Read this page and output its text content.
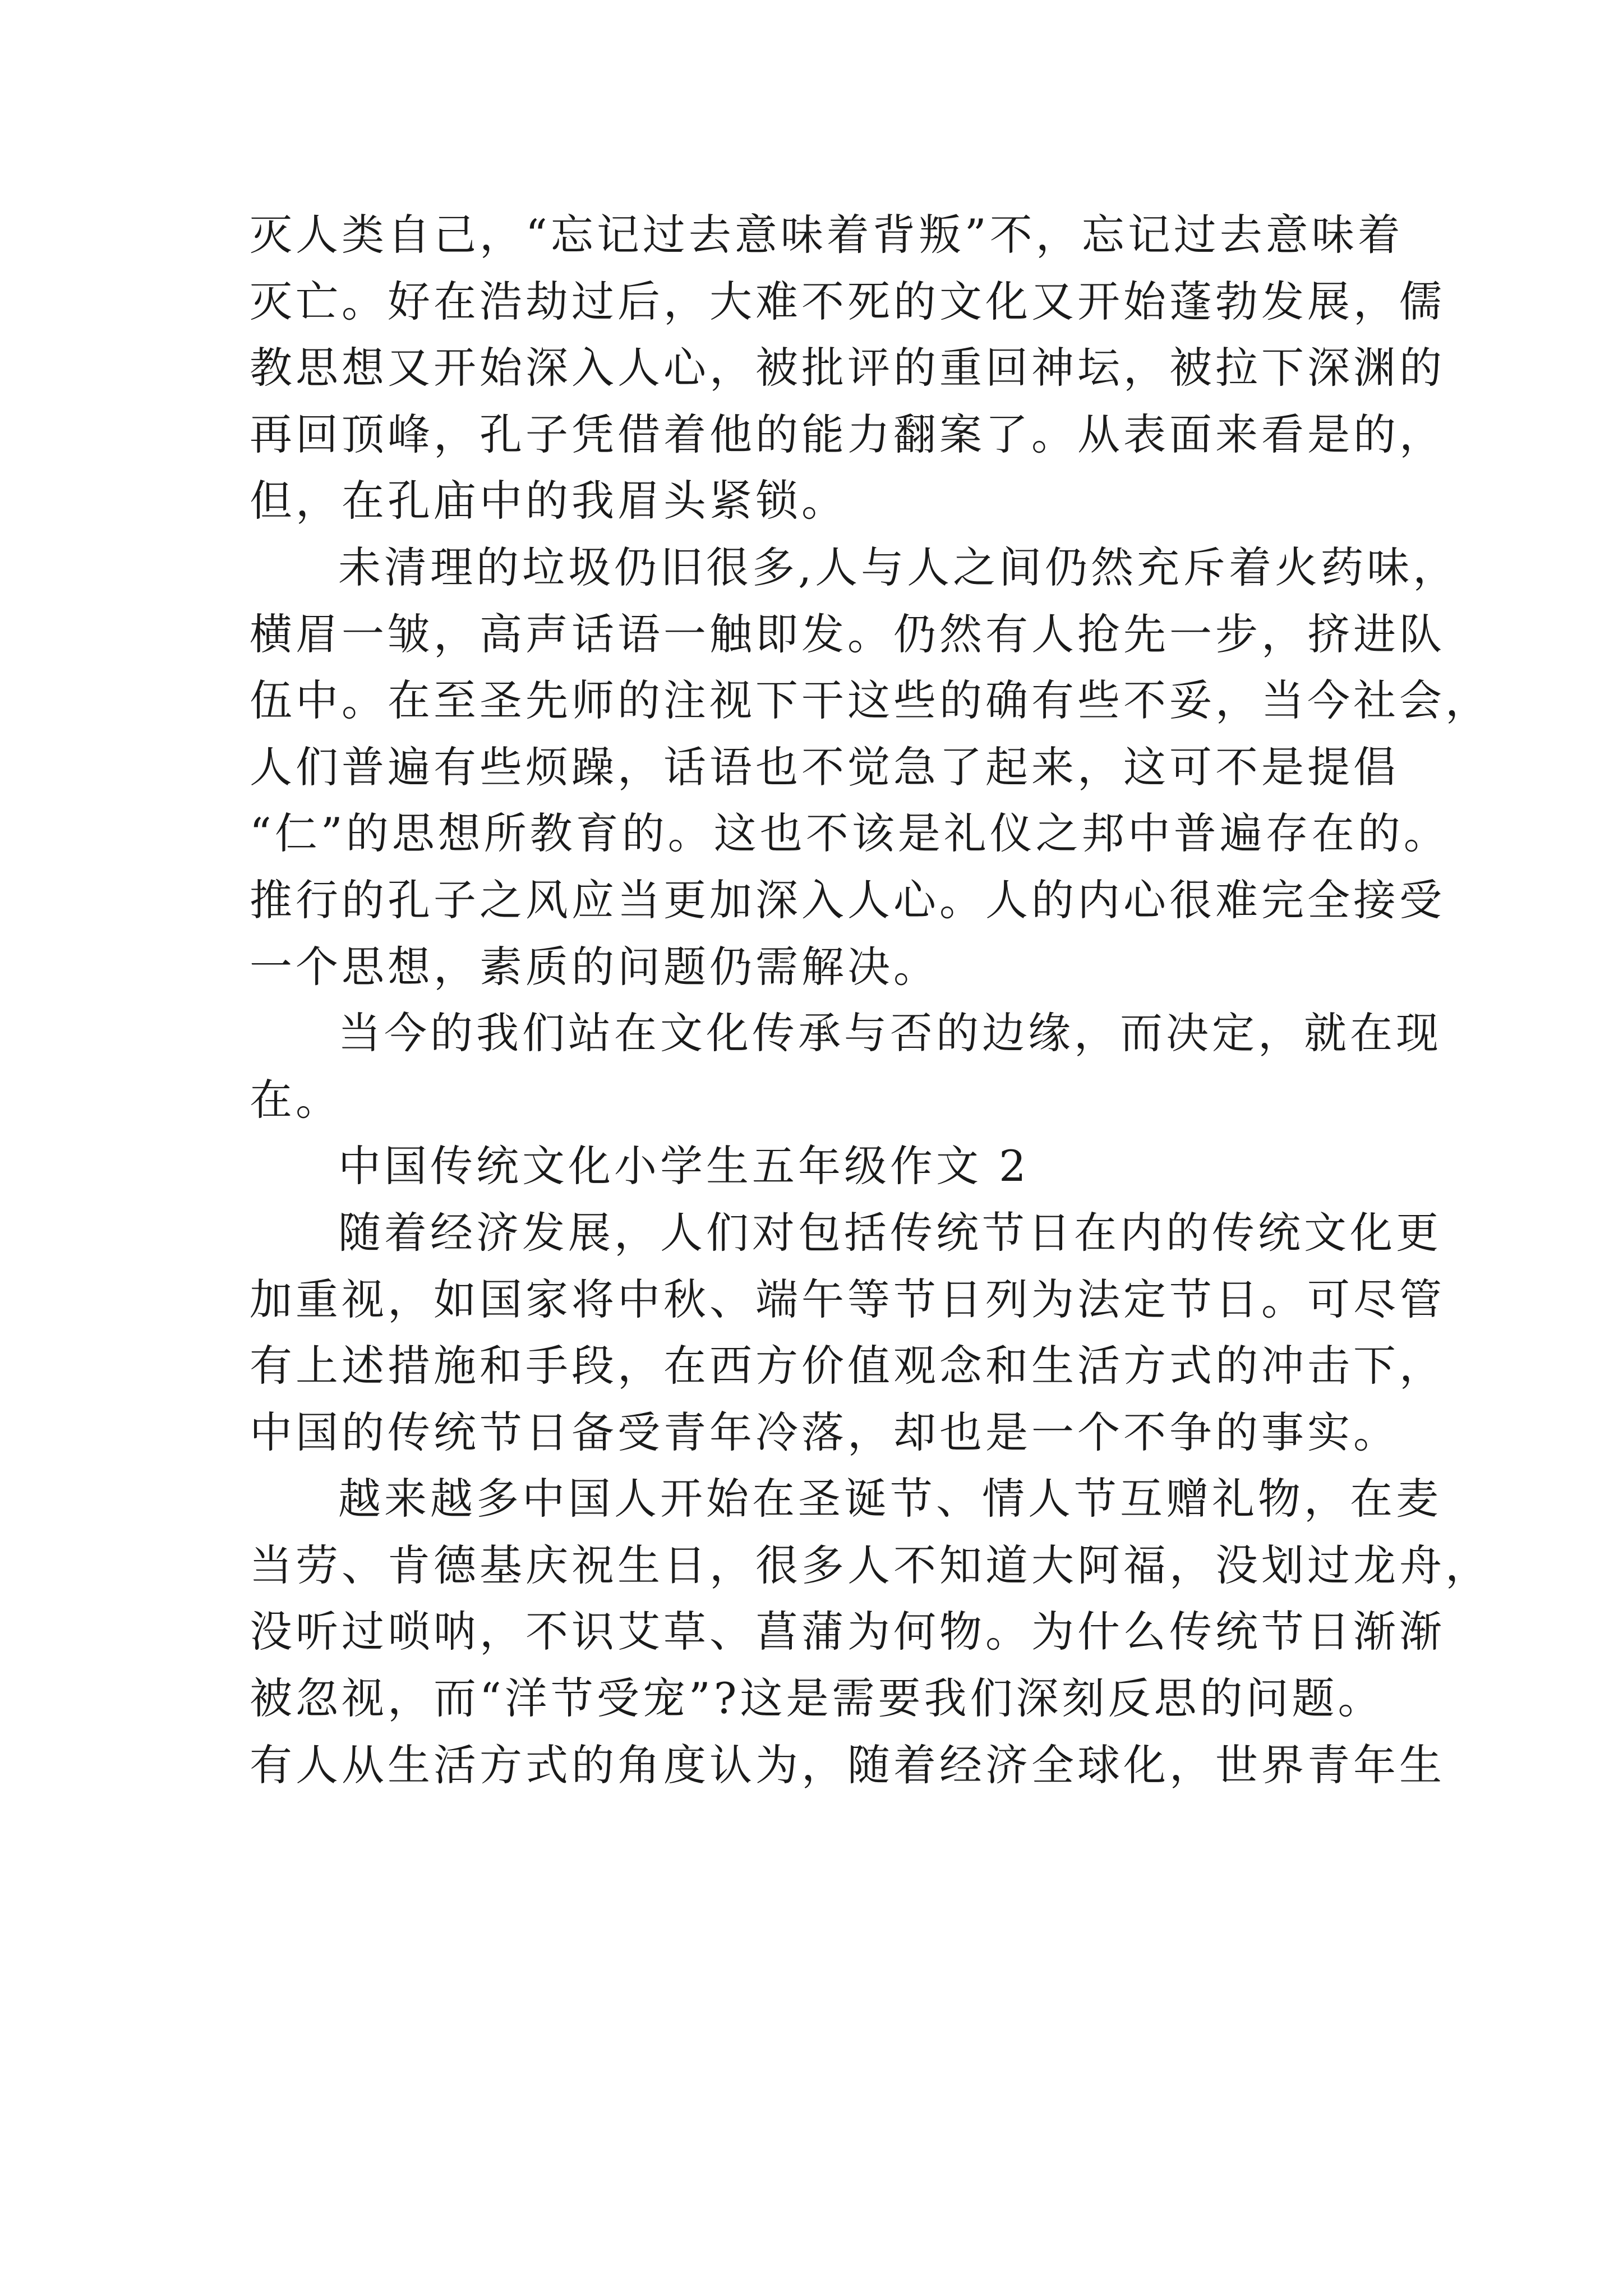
灭人类自己，“忘记过去意味着背叛”不，忘记过去意味着
灭亡。好在浩劫过后，大难不死的文化又开始蓬勃发展，儒
教思想又开始深入人心，被批评的重回神坛，被拉下深渊的
再回顶峰，孔子凭借着他的能力翻案了。从表面来看是的，
但，在孔庙中的我眉头紧锁。
未清理的垃圾仍旧很多,人与人之间仍然充斥着火药味，
横眉一皱，高声话语一触即发。仍然有人抢先一步，挤进队
伍中。在至圣先师的注视下干这些的确有些不妥，当今社会，
人们普遍有些烦躁，话语也不觉急了起来，这可不是提倡
“仁”的思想所教育的。这也不该是礼仪之邦中普遍存在的。
推行的孔子之风应当更加深入人心。人的内心很难完全接受
一个思想，素质的问题仍需解决。
当今的我们站在文化传承与否的边缘，而决定，就在现
在。
中国传统文化小学生五年级作文 2
随着经济发展，人们对包括传统节日在内的传统文化更
加重视，如国家将中秋、端午等节日列为法定节日。可尽管
有上述措施和手段，在西方价值观念和生活方式的冲击下，
中国的传统节日备受青年冷落，却也是一个不争的事实。
越来越多中国人开始在圣诞节、情人节互赠礼物，在麦
当劳、肯德基庆祝生日，很多人不知道大阿福，没划过龙舟，
没听过唢呐，不识艾草、菖蒲为何物。为什么传统节日渐渐
被忽视，而“洋节受宠”?这是需要我们深刻反思的问题。
有人从生活方式的角度认为，随着经济全球化，世界青年生
